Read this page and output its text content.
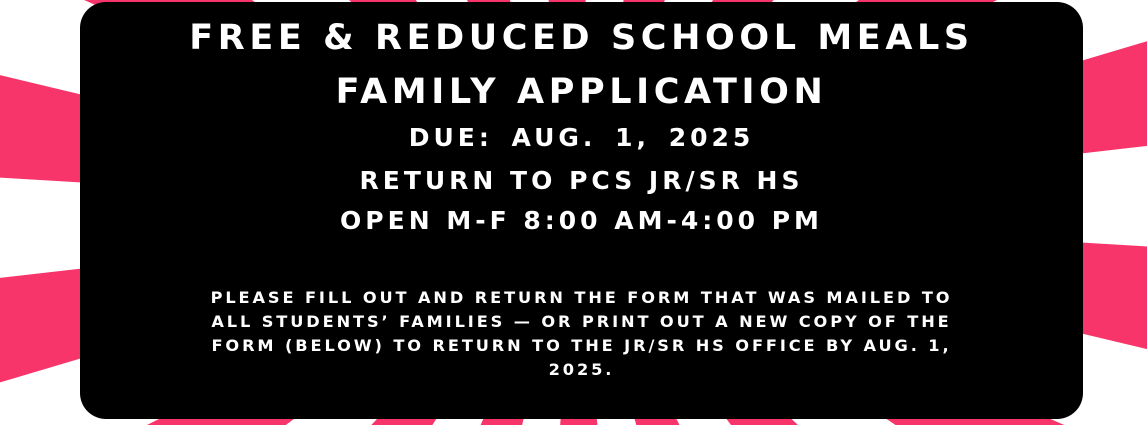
FREE & REDUCED SCHOOL MEALS
FAMILY APPLICATION
DUE: AUG. 1, 2025
RETURN TO PCS JR/SR HS
OPEN M-F 8:00 AM-4:00 PM
PLEASE FILL OUT AND RETURN THE FORM THAT WAS MAILED TO ALL STUDENTS’ FAMILIES — OR PRINT OUT A NEW COPY OF THE FORM (BELOW) TO RETURN TO THE JR/SR HS OFFICE BY AUG. 1, 2025.
